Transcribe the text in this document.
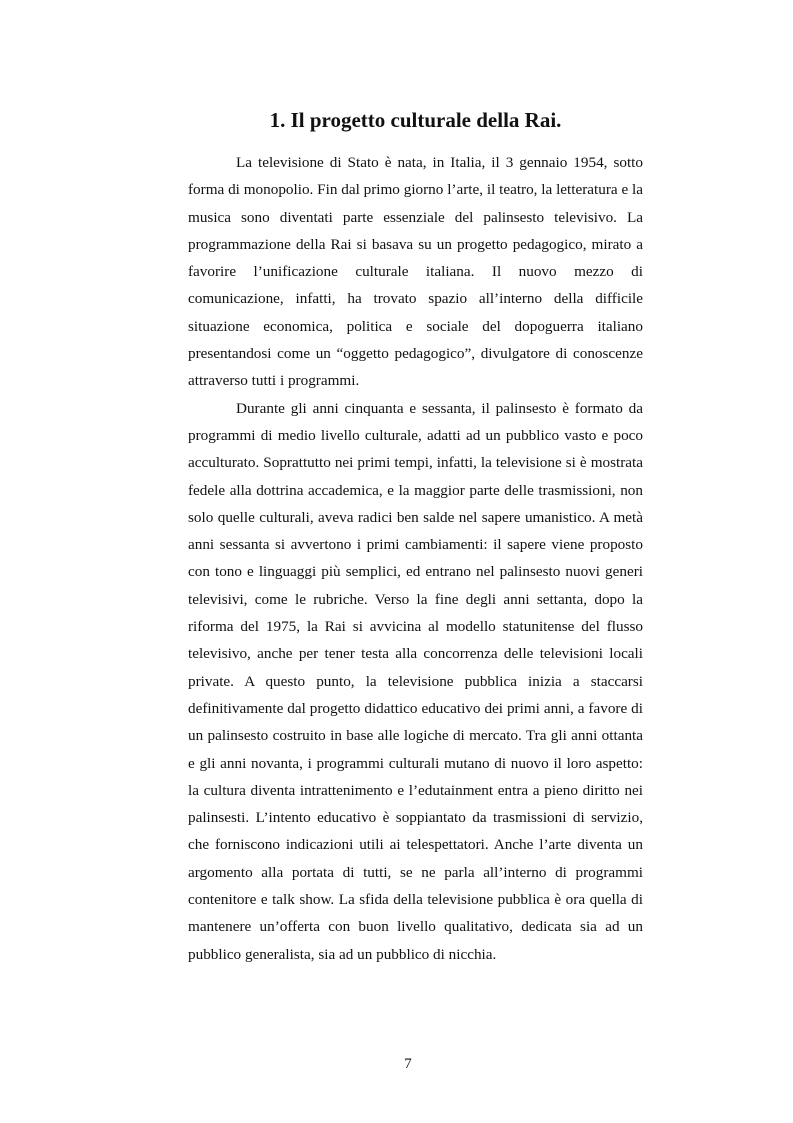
1. Il progetto culturale della Rai.

La televisione di Stato è nata, in Italia, il 3 gennaio 1954, sotto forma di monopolio. Fin dal primo giorno l’arte, il teatro, la letteratura e la musica sono diventati parte essenziale del palinsesto televisivo. La programmazione della Rai si basava su un progetto pedagogico, mirato a favorire l’unificazione culturale italiana. Il nuovo mezzo di comunicazione, infatti, ha trovato spazio all’interno della difficile situazione economica, politica e sociale del dopoguerra italiano presentandosi come un “oggetto pedagogico”, divulgatore di conoscenze attraverso tutti i programmi.

Durante gli anni cinquanta e sessanta, il palinsesto è formato da programmi di medio livello culturale, adatti ad un pubblico vasto e poco acculturato. Soprattutto nei primi tempi, infatti, la televisione si è mostrata fedele alla dottrina accademica, e la maggior parte delle trasmissioni, non solo quelle culturali, aveva radici ben salde nel sapere umanistico. A metà anni sessanta si avvertono i primi cambiamenti: il sapere viene proposto con tono e linguaggi più semplici, ed entrano nel palinsesto nuovi generi televisivi, come le rubriche. Verso la fine degli anni settanta, dopo la riforma del 1975, la Rai si avvicina al modello statunitense del flusso televisivo, anche per tener testa alla concorrenza delle televisioni locali private. A questo punto, la televisione pubblica inizia a staccarsi definitivamente dal progetto didattico educativo dei primi anni, a favore di un palinsesto costruito in base alle logiche di mercato. Tra gli anni ottanta e gli anni novanta, i programmi culturali mutano di nuovo il loro aspetto: la cultura diventa intrattenimento e l’edutainment entra a pieno diritto nei palinsesti. L’intento educativo è soppiantato da trasmissioni di servizio, che forniscono indicazioni utili ai telespettatori. Anche l’arte diventa un argomento alla portata di tutti, se ne parla all’interno di programmi contenitore e talk show. La sfida della televisione pubblica è ora quella di mantenere un’offerta con buon livello qualitativo, dedicata sia ad un pubblico generalista, sia ad un pubblico di nicchia.

7
